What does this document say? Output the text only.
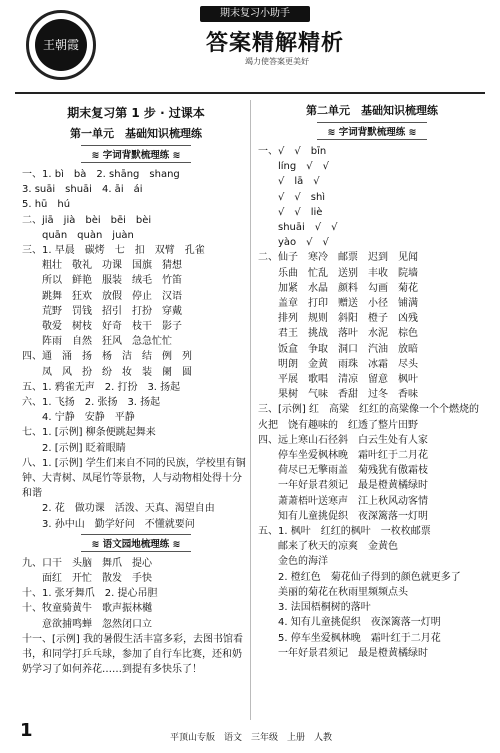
王朝霞
期末复习小助手
答案精解精析
竭力使答案更美好
期末复习第 1 步 · 过课本
第一单元　基础知识梳理练
≋ 字词背默梳理练 ≋
一、1. bì　bà　2. shāng　shang
3. suāi　shuāi　4. āi　ái
5. hū　hú
二、jiā　jià　bèi　bēi　bèi
　　quān　quàn　juàn
三、1. 早晨　碳烤　七　扣　双臂　孔雀
　　粗壮　敬礼　功课　国旗　猜想
　　所以　鲜艳　服装　绒毛　竹笛
　　跳舞　狂欢　放假　停止　汉语
　　荒野　罚钱　招引　打扮　穿戴
　　敬爱　树枝　好奇　枝干　影子
　　阵雨　自然　狂风　急急忙忙
四、通　涌　扬　杨　洁　结　例　列
　　凤　风　扮　纷　妆　装　阑　圆
五、1. 鸦雀无声　2. 打扮　3. 扬起
六、1. 飞扬　2. 张扬　3. 扬起
　　4. 宁静　安静　平静
七、1. [示例] 柳条便跳起舞来
　　2. [示例] 眨着眼睛
八、1. [示例] 学生们来自不同的民族，学校里有铜钟、大青树、凤尾竹等景物，人与动物相处得十分和谐
　　2. 花　做功课　活泼、天真、渴望自由
　　3. 孙中山　勤学好问　不懂就要问
≋ 语文园地梳理练 ≋
九、口干　头脑　舞爪　提心
　　面红　开忙　散发　手快
十、1. 张牙舞爪　2. 提心吊胆
十、牧童骑黄牛　歌声振林樾
　　意欲捕鸣蝉　忽然闭口立
十一、[示例] 我的暑假生活丰富多彩，去图书馆看书，和同学打乒乓球，参加了自行车比赛，还和奶奶学习了如何养花……到提有多快乐了！
第二单元　基础知识梳理练
≋ 字词背默梳理练 ≋
一、√　√　bīn
　　líng　√　√
　　√　lā　√
　　√　√　shì
　　√　√　liè
　　shuāi　√　√
　　yào　√　√
二、仙子　寒冷　邮票　迟到　见闻
　　乐曲　忙乱　送别　丰收　院墙
　　加紧　水晶　颜料　勾画　菊花
　　盖章　打印　赠送　小径　铺满
　　排列　规则　斜阳　橙子　凶残
　　君王　挑战　落叶　水泥　棕色
　　饭盒　争取　洞口　汽油　放暗
　　明朗　金黄　雨珠　冰霜　尽头
　　平展　歌唱　清凉　留意　枫叶
　　果树　气味　香甜　过冬　香味
三、[示例] 红　高粱　红红的高粱像一个个燃烧的火把　饶有趣味的　红透了整片田野
四、远上寒山石径斜　白云生处有人家
　　停车坐爱枫林晚　霜叶红于二月花
　　荷尽已无擎雨盖　菊残犹有傲霜枝
　　一年好景君须记　最是橙黄橘绿时
　　萧萧梧叶送寒声　江上秋风动客情
　　知有儿童挑促织　夜深篱落一灯明
五、1. 枫叶　红红的枫叶　一枚枚邮票
　　邮来了秋天的凉爽　金黄色
　　金色的海洋
　　2. 橙红色　菊花仙子得到的颜色就更多了
　　美丽的菊花在秋雨里频频点头
　　3. 法国梧桐树的落叶
　　4. 知有儿童挑促织　夜深篱落一灯明
　　5. 停车坐爱枫林晚　霜叶红于二月花
　　一年好景君须记　最是橙黄橘绿时
1	平顶山专版　语文　三年级　上册　人教
